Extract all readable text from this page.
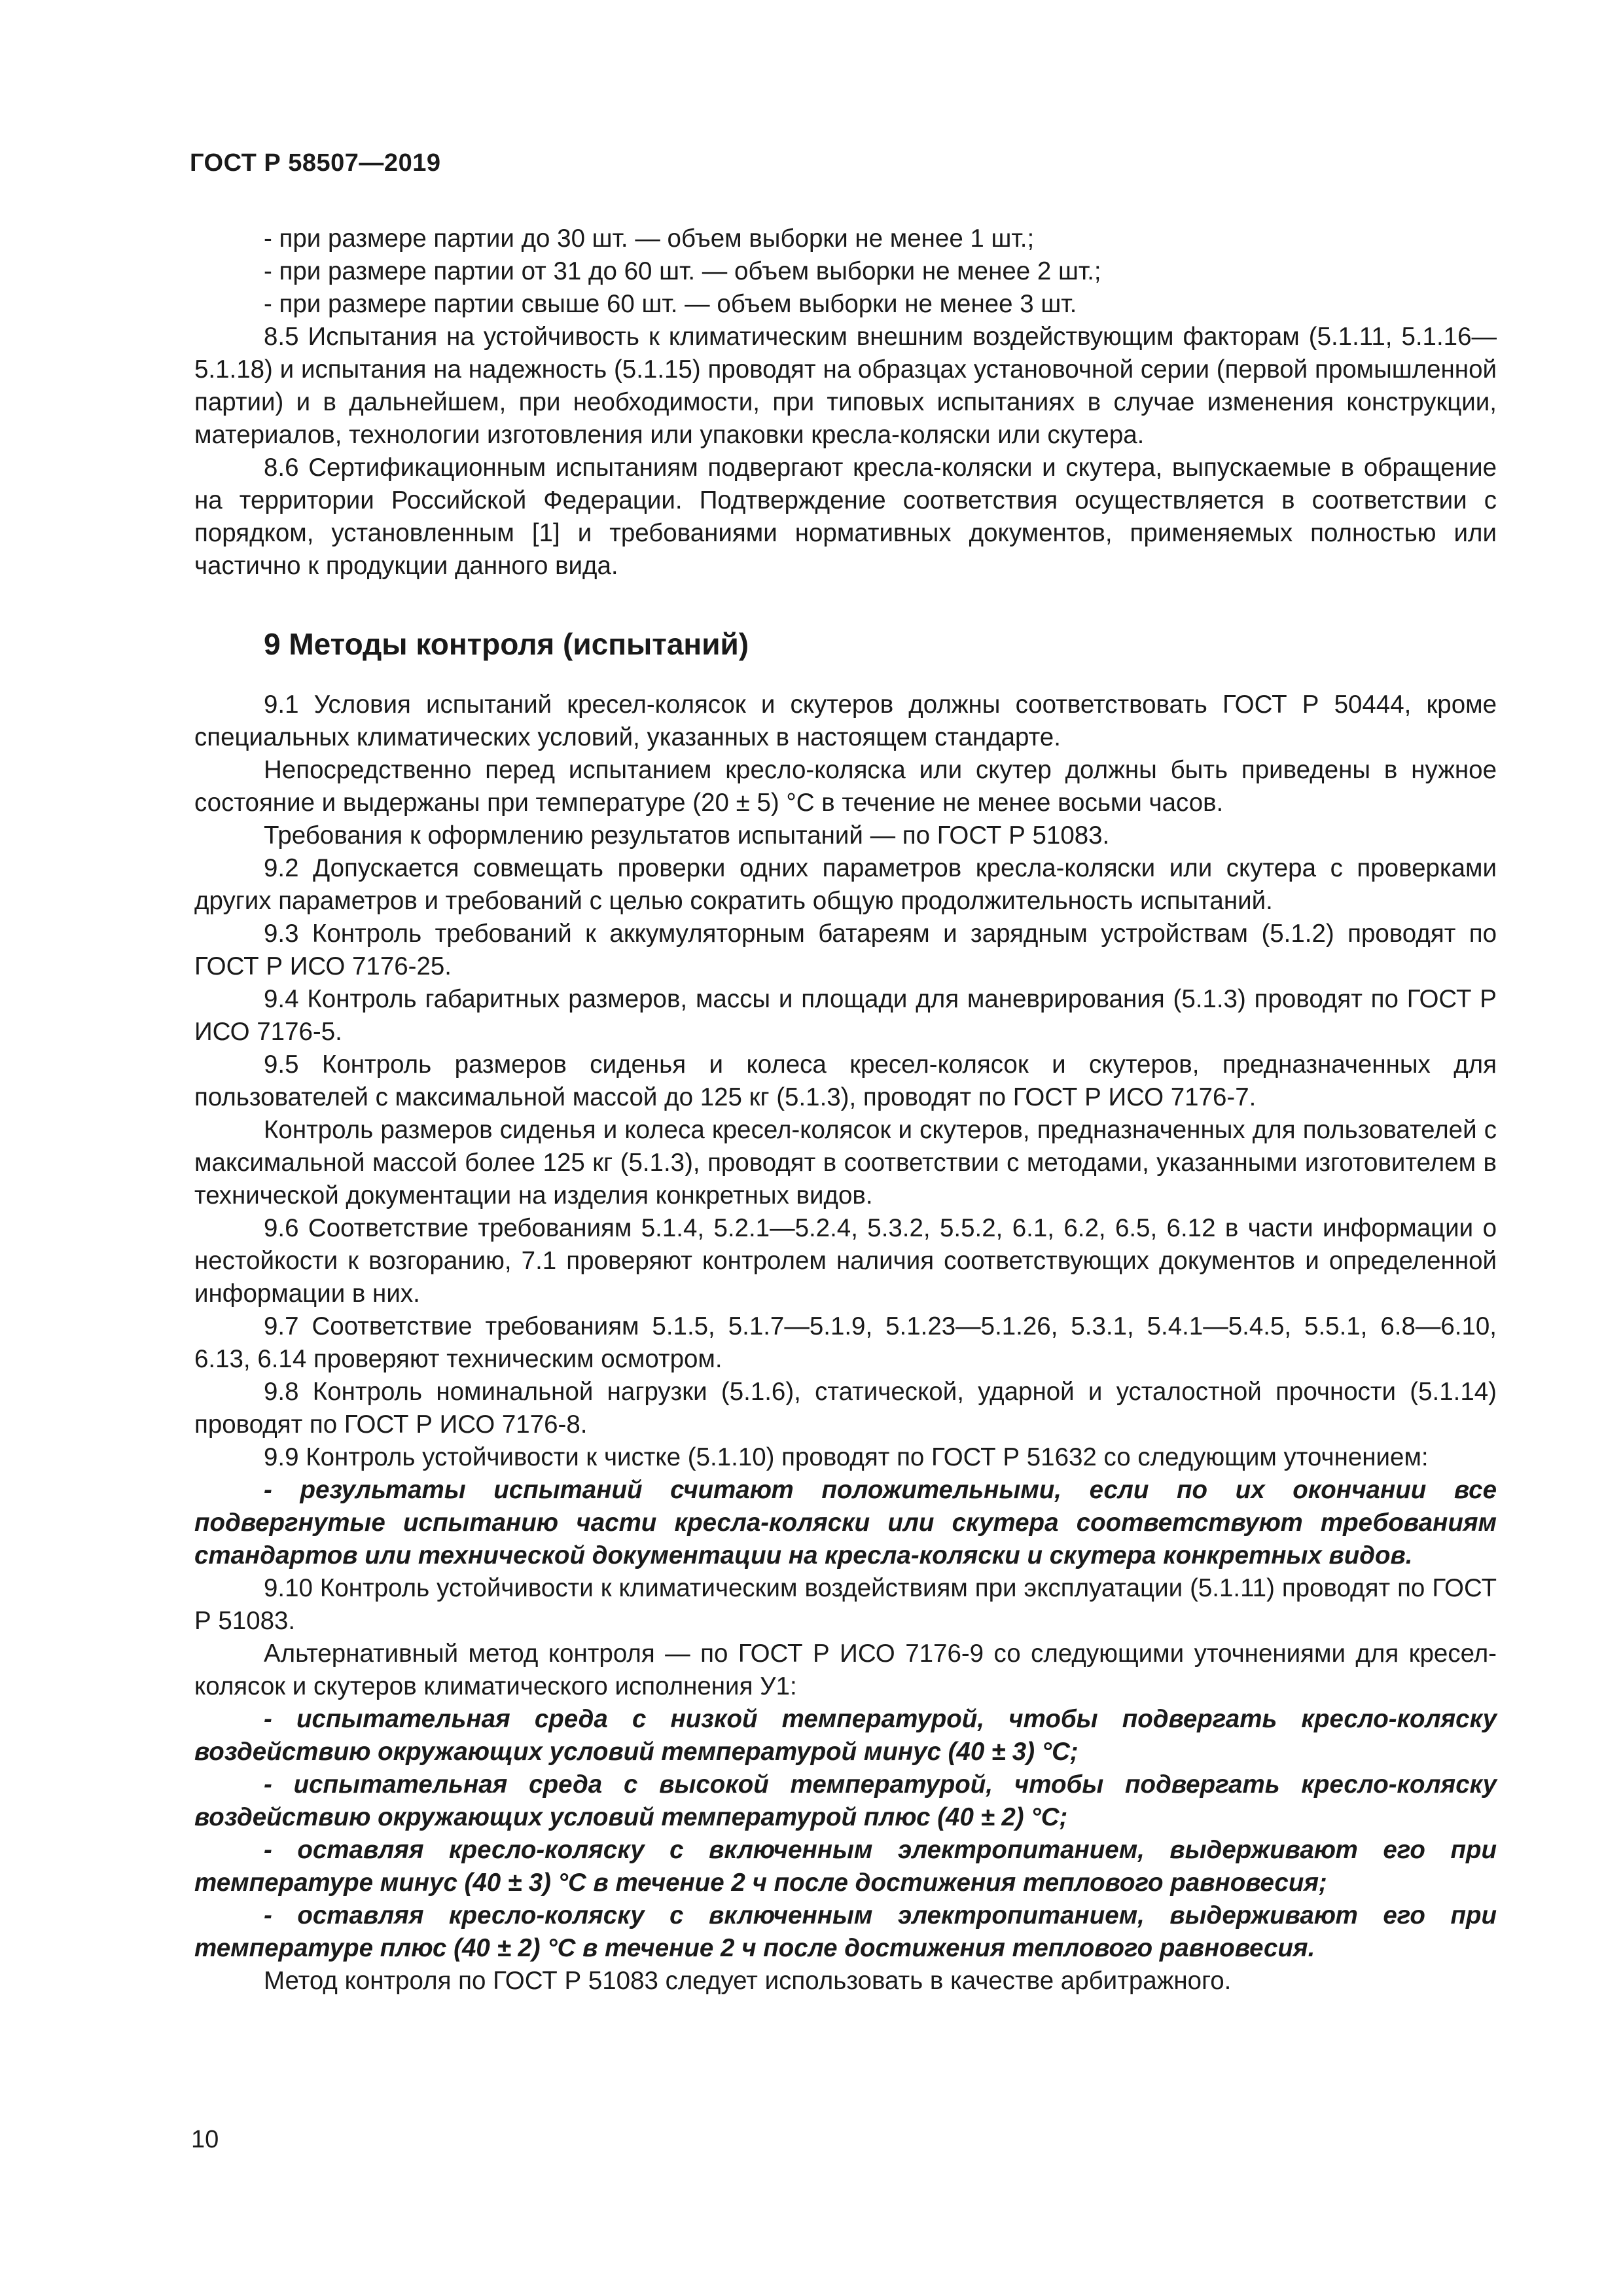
ГОСТ Р 58507—2019

- при размере партии до 30 шт. — объем выборки не менее 1 шт.;

- при размере партии от 31 до 60 шт. — объем выборки не менее 2 шт.;

- при размере партии свыше 60 шт. — объем выборки не менее 3 шт.

8.5 Испытания на устойчивость к климатическим внешним воздействующим факторам (5.1.11, 5.1.16—5.1.18) и испытания на надежность (5.1.15) проводят на образцах установочной серии (первой промышленной партии) и в дальнейшем, при необходимости, при типовых испытаниях в случае изменения конструкции, материалов, технологии изготовления или упаковки кресла-коляски или скутера.

8.6 Сертификационным испытаниям подвергают кресла-коляски и скутера, выпускаемые в обращение на территории Российской Федерации. Подтверждение соответствия осуществляется в соответствии с порядком, установленным [1] и требованиями нормативных документов, применяемых полностью или частично к продукции данного вида.

9 Методы контроля (испытаний)

9.1 Условия испытаний кресел-колясок и скутеров должны соответствовать ГОСТ Р 50444, кроме специальных климатических условий, указанных в настоящем стандарте.

Непосредственно перед испытанием кресло-коляска или скутер должны быть приведены в нужное состояние и выдержаны при температуре (20 ± 5) °С в течение не менее восьми часов.

Требования к оформлению результатов испытаний — по ГОСТ Р 51083.

9.2 Допускается совмещать проверки одних параметров кресла-коляски или скутера с проверками других параметров и требований с целью сократить общую продолжительность испытаний.

9.3 Контроль требований к аккумуляторным батареям и зарядным устройствам (5.1.2) проводят по ГОСТ Р ИСО 7176-25.

9.4 Контроль габаритных размеров, массы и площади для маневрирования (5.1.3) проводят по ГОСТ Р ИСО 7176-5.

9.5 Контроль размеров сиденья и колеса кресел-колясок и скутеров, предназначенных для пользователей с максимальной массой до 125 кг (5.1.3), проводят по ГОСТ Р ИСО 7176-7.

Контроль размеров сиденья и колеса кресел-колясок и скутеров, предназначенных для пользователей с максимальной массой более 125 кг (5.1.3), проводят в соответствии с методами, указанными изготовителем в технической документации на изделия конкретных видов.

9.6 Соответствие требованиям 5.1.4, 5.2.1—5.2.4, 5.3.2, 5.5.2, 6.1, 6.2, 6.5, 6.12 в части информации о нестойкости к возгоранию, 7.1 проверяют контролем наличия соответствующих документов и определенной информации в них.

9.7 Соответствие требованиям 5.1.5, 5.1.7—5.1.9, 5.1.23—5.1.26, 5.3.1, 5.4.1—5.4.5, 5.5.1, 6.8—6.10, 6.13, 6.14 проверяют техническим осмотром.

9.8 Контроль номинальной нагрузки (5.1.6), статической, ударной и усталостной прочности (5.1.14) проводят по ГОСТ Р ИСО 7176-8.

9.9 Контроль устойчивости к чистке (5.1.10) проводят по ГОСТ Р 51632 со следующим уточнением:

- результаты испытаний считают положительными, если по их окончании все подвергнутые испытанию части кресла-коляски или скутера соответствуют требованиям стандартов или технической документации на кресла-коляски и скутера конкретных видов.

9.10 Контроль устойчивости к климатическим воздействиям при эксплуатации (5.1.11) проводят по ГОСТ Р 51083.

Альтернативный метод контроля — по ГОСТ Р ИСО 7176-9 со следующими уточнениями для кресел-колясок и скутеров климатического исполнения У1:

- испытательная среда с низкой температурой, чтобы подвергать кресло-коляску воздействию окружающих условий температурой минус (40 ± 3) °С;

- испытательная среда с высокой температурой, чтобы подвергать кресло-коляску воздействию окружающих условий температурой плюс (40 ± 2) °С;

- оставляя кресло-коляску с включенным электропитанием, выдерживают его при температуре минус (40 ± 3) °С в течение 2 ч после достижения теплового равновесия;

- оставляя кресло-коляску с включенным электропитанием, выдерживают его при температуре плюс (40 ± 2) °С в течение 2 ч после достижения теплового равновесия.

Метод контроля по ГОСТ Р 51083 следует использовать в качестве арбитражного.

10
